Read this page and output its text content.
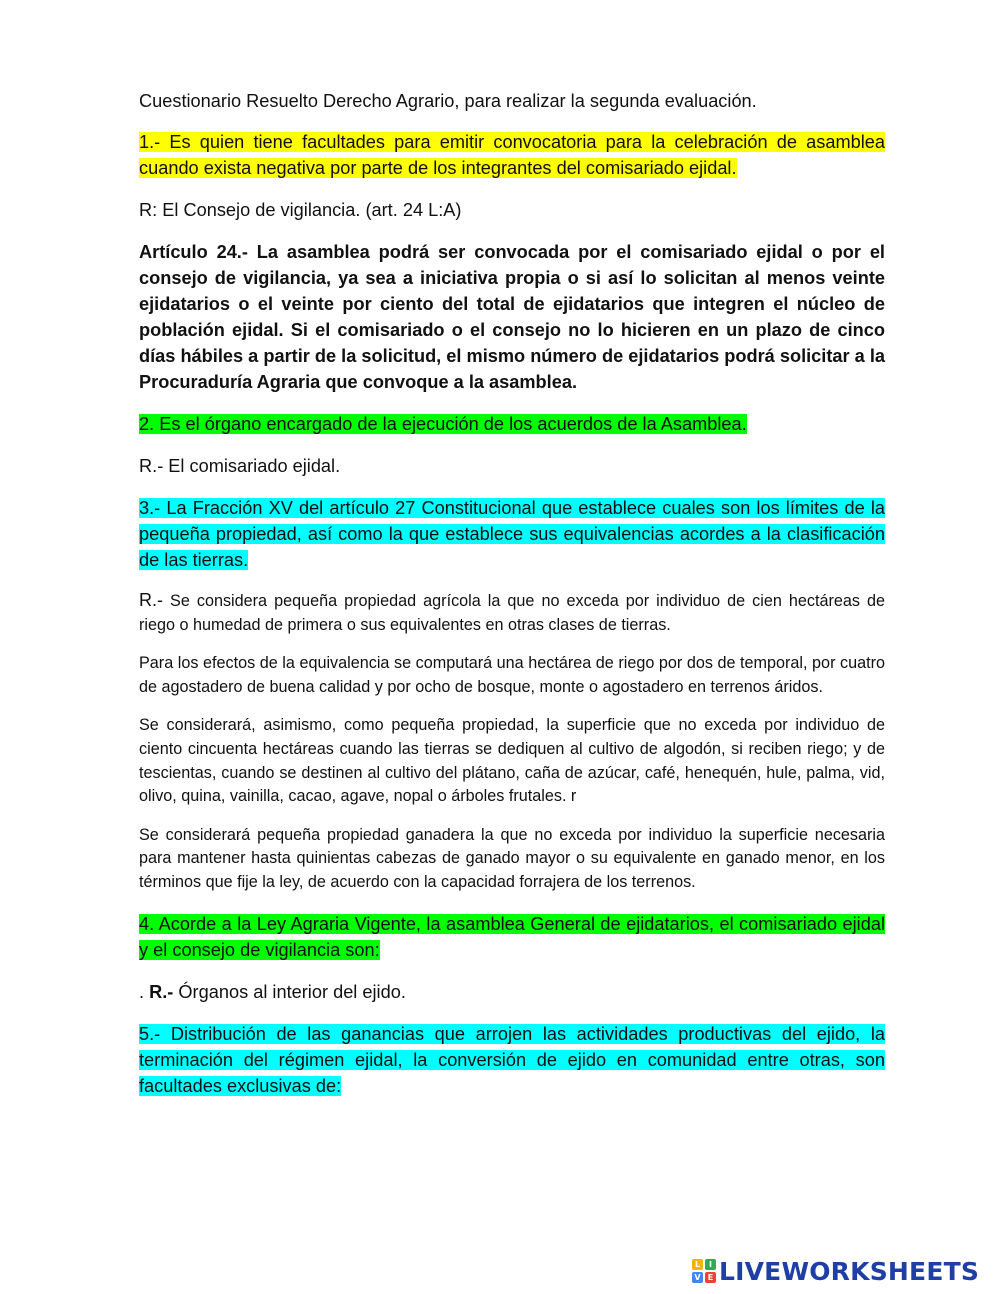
Cuestionario Resuelto Derecho Agrario, para realizar la segunda evaluación.

1.- Es quien tiene facultades para emitir convocatoria para la celebración de asamblea cuando exista negativa por parte de los integrantes del comisariado ejidal.

R: El Consejo de vigilancia. (art. 24 L:A)

Artículo 24.- La asamblea podrá ser convocada por el comisariado ejidal o por el consejo de vigilancia, ya sea a iniciativa propia o si así lo solicitan al menos veinte ejidatarios o el veinte por ciento del total de ejidatarios que integren el núcleo de población ejidal. Si el comisariado o el consejo no lo hicieren en un plazo de cinco días hábiles a partir de la solicitud, el mismo número de ejidatarios podrá solicitar a la Procuraduría Agraria que convoque a la asamblea.

2. Es el órgano encargado de la ejecución de los acuerdos de la Asamblea.

R.- El comisariado ejidal.

3.- La Fracción XV del artículo 27 Constitucional que establece cuales son los límites de la pequeña propiedad, así como la que establece sus equivalencias acordes a la clasificación de las tierras.

R.- Se considera pequeña propiedad agrícola la que no exceda por individuo de cien hectáreas de riego o humedad de primera o sus equivalentes en otras clases de tierras.

Para los efectos de la equivalencia se computará una hectárea de riego por dos de temporal, por cuatro de agostadero de buena calidad y por ocho de bosque, monte o agostadero en terrenos áridos.

Se considerará, asimismo, como pequeña propiedad, la superficie que no exceda por individuo de ciento cincuenta hectáreas cuando las tierras se dediquen al cultivo de algodón, si reciben riego; y de tescientas, cuando se destinen al cultivo del plátano, caña de azúcar, café, henequén, hule, palma, vid, olivo, quina, vainilla, cacao, agave, nopal o árboles frutales. r

Se considerará pequeña propiedad ganadera la que no exceda por individuo la superficie necesaria para mantener hasta quinientas cabezas de ganado mayor o su equivalente en ganado menor, en los términos que fije la ley, de acuerdo con la capacidad forrajera de los terrenos.

4. Acorde a la Ley Agraria Vigente, la asamblea General de ejidatarios, el comisariado ejidal y el consejo de vigilancia son:

. R.- Órganos al interior del ejido.

5.- Distribución de las ganancias que arrojen las actividades productivas del ejido, la terminación del régimen ejidal, la conversión de ejido en comunidad entre otras, son facultades exclusivas de:

L	I
V E LIVEWORKSHEETS
